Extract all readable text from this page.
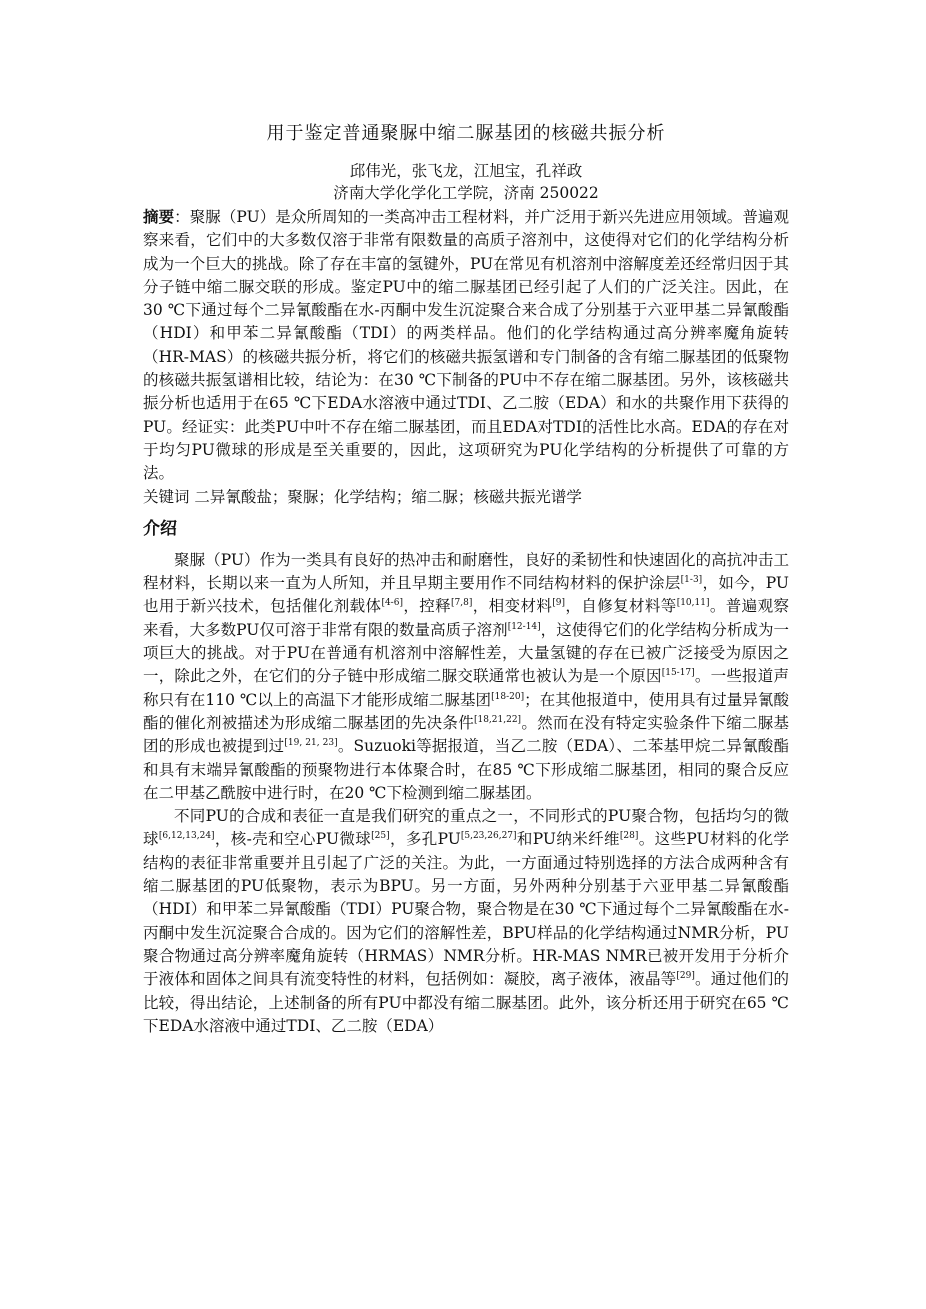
用于鉴定普通聚脲中缩二脲基团的核磁共振分析

邱伟光，张飞龙，江旭宝，孔祥政

济南大学化学化工学院，济南 250022

摘要：聚脲（PU）是众所周知的一类高冲击工程材料，并广泛用于新兴先进应用领域。普遍观察来看，它们中的大多数仅溶于非常有限数量的高质子溶剂中，这使得对它们的化学结构分析成为一个巨大的挑战。除了存在丰富的氢键外，PU在常见有机溶剂中溶解度差还经常归因于其分子链中缩二脲交联的形成。鉴定PU中的缩二脲基团已经引起了人们的广泛关注。因此，在30 ℃下通过每个二异氰酸酯在水-丙酮中发生沉淀聚合来合成了分别基于六亚甲基二异氰酸酯（HDI）和甲苯二异氰酸酯（TDI）的两类样品。他们的化学结构通过高分辨率魔角旋转（HR-MAS）的核磁共振分析，将它们的核磁共振氢谱和专门制备的含有缩二脲基团的低聚物的核磁共振氢谱相比较，结论为：在30 ℃下制备的PU中不存在缩二脲基团。另外，该核磁共振分析也适用于在65 ℃下EDA水溶液中通过TDI、乙二胺（EDA）和水的共聚作用下获得的PU。经证实：此类PU中叶不存在缩二脲基团，而且EDA对TDI的活性比水高。EDA的存在对于均匀PU微球的形成是至关重要的，因此，这项研究为PU化学结构的分析提供了可靠的方法。

关键词 二异氰酸盐；聚脲；化学结构；缩二脲；核磁共振光谱学

介绍

聚脲（PU）作为一类具有良好的热冲击和耐磨性，良好的柔韧性和快速固化的高抗冲击工程材料，长期以来一直为人所知，并且早期主要用作不同结构材料的保护涂层[1-3]，如今，PU也用于新兴技术，包括催化剂载体[4-6]，控释[7,8]，相变材料[9]，自修复材料等[10,11]。普遍观察来看，大多数PU仅可溶于非常有限的数量高质子溶剂[12-14]，这使得它们的化学结构分析成为一项巨大的挑战。对于PU在普通有机溶剂中溶解性差，大量氢键的存在已被广泛接受为原因之一，除此之外，在它们的分子链中形成缩二脲交联通常也被认为是一个原因[15-17]。一些报道声称只有在110 ℃以上的高温下才能形成缩二脲基团[18-20]；在其他报道中，使用具有过量异氰酸酯的催化剂被描述为形成缩二脲基团的先决条件[18,21,22]。然而在没有特定实验条件下缩二脲基团的形成也被提到过[19, 21, 23]。Suzuoki等据报道，当乙二胺（EDA）、二苯基甲烷二异氰酸酯和具有末端异氰酸酯的预聚物进行本体聚合时，在85 ℃下形成缩二脲基团，相同的聚合反应在二甲基乙酰胺中进行时，在20 ℃下检测到缩二脲基团。

不同PU的合成和表征一直是我们研究的重点之一，不同形式的PU聚合物，包括均匀的微球[6,12,13,24]，核-壳和空心PU微球[25]，多孔PU[5,23,26,27]和PU纳米纤维[28]。这些PU材料的化学结构的表征非常重要并且引起了广泛的关注。为此，一方面通过特别选择的方法合成两种含有缩二脲基团的PU低聚物，表示为BPU。另一方面，另外两种分别基于六亚甲基二异氰酸酯（HDI）和甲苯二异氰酸酯（TDI）PU聚合物，聚合物是在30 ℃下通过每个二异氰酸酯在水-丙酮中发生沉淀聚合合成的。因为它们的溶解性差，BPU样品的化学结构通过NMR分析，PU聚合物通过高分辨率魔角旋转（HRMAS）NMR分析。HR-MAS NMR已被开发用于分析介于液体和固体之间具有流变特性的材料，包括例如：凝胶，离子液体，液晶等[29]。通过他们的比较，得出结论，上述制备的所有PU中都没有缩二脲基团。此外，该分析还用于研究在65 ℃下EDA水溶液中通过TDI、乙二胺（EDA）
